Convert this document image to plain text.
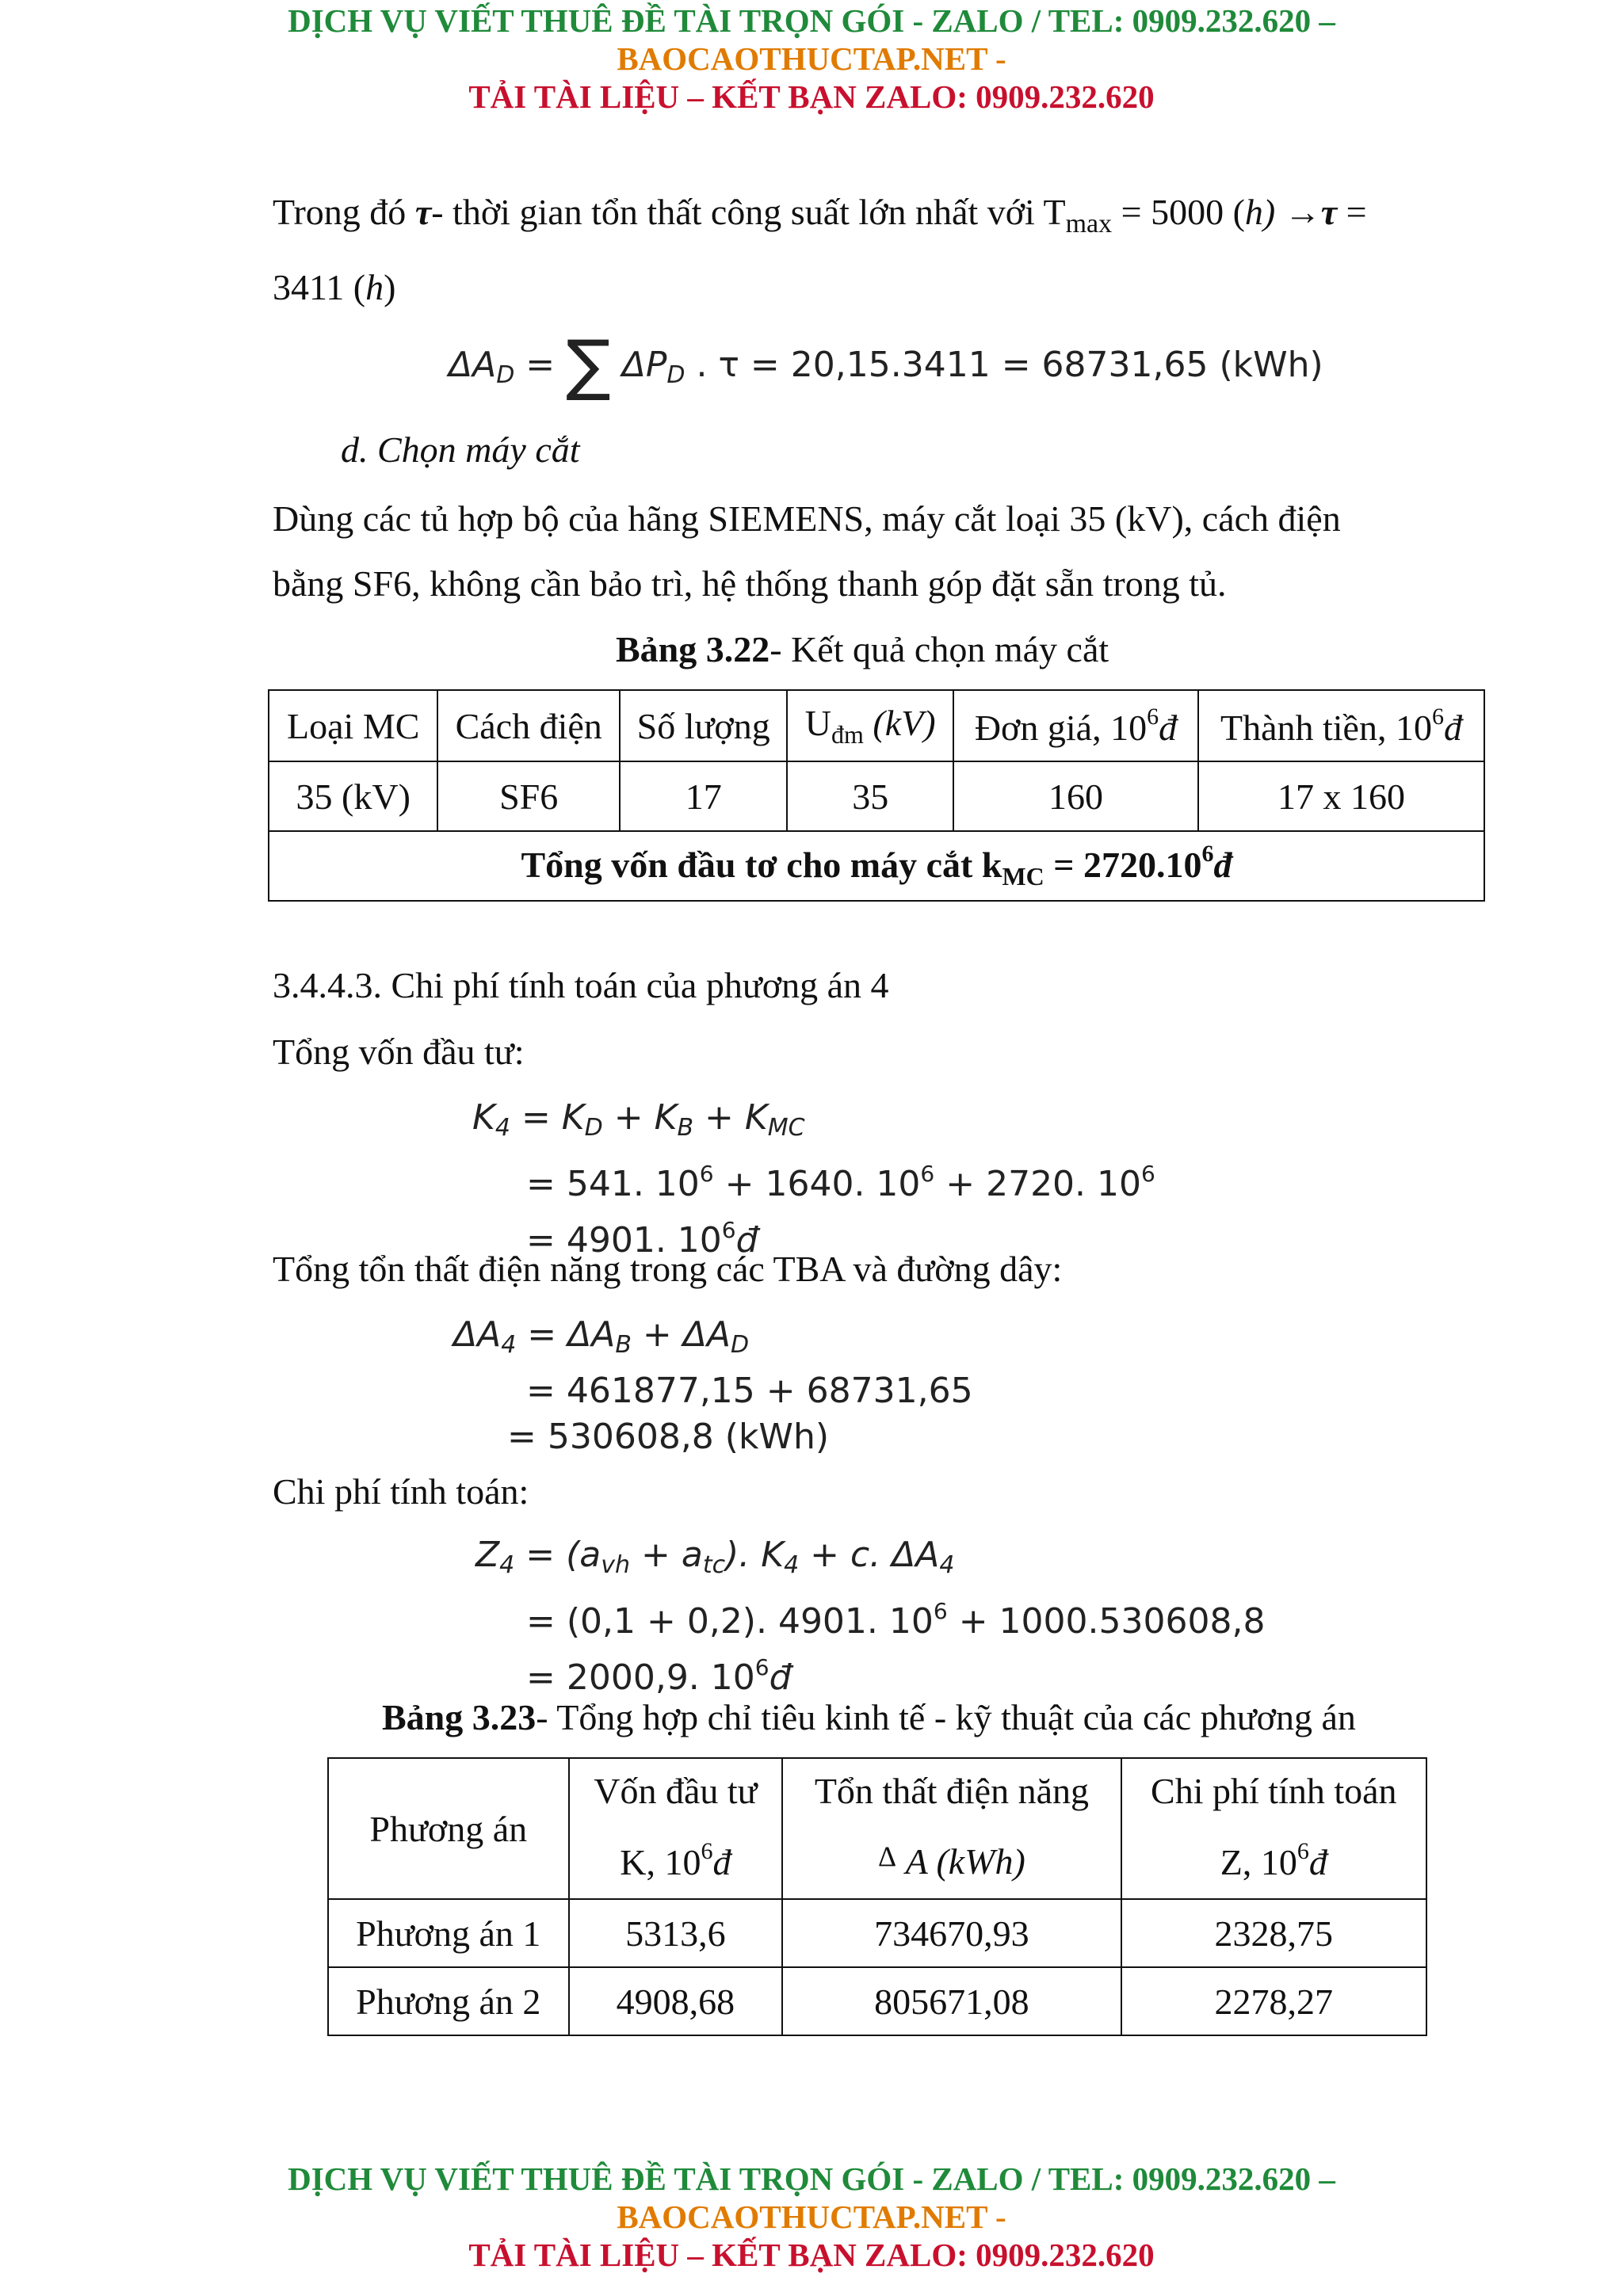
DỊCH VỤ VIẾT THUÊ ĐỀ TÀI TRỌN GÓI - ZALO / TEL: 0909.232.620 –
BAOCAOTHUCTAP.NET -
TẢI TÀI LIỆU – KẾT BẠN ZALO: 0909.232.620
Trong đó τ- thời gian tổn thất công suất lớn nhất với $T_{max} = 5000$ (h) →τ =
3411 (h)
$\Delta A_D$ = ∑ $\Delta P_D$ . τ = 20,15.3411 = 68731,65 (kWh)
d. Chọn máy cắt
Dùng các tủ hợp bộ của hãng SIEMENS, máy cắt loại 35 (kV), cách điện
bằng SF6, không cần bảo trì, hệ thống thanh góp đặt sẵn trong tủ.
Bảng 3.22- Kết quả chọn máy cắt
Loại MC	Cách điện	Số lượng	$U_{đm}$ (kV)	Đơn giá, $10^6đ$	Thành tiền, $10^6đ$
35 (kV)	SF6	17	35	160	17 x 160
Tổng vốn đầu tơ cho máy cắt $k_{MC}$ = $2720.10^6đ$					
3.4.4.3. Chi phí tính toán của phương án 4
Tổng vốn đầu tư:
$K_4 = K_D + K_B + K_{MC}$
= 541. $10^6 + 1640$. $10^6 + 2720$. $10^6$
= 4901. $10^6đ$
Tổng tổn thất điện năng trong các TBA và đường dây:
$\Delta A_4 = \Delta A_B + \Delta A_D$
= 461877,15 + 68731,65
= 530608,8 (kWh)
Chi phí tính toán:
$Z_4 = (a_{vh} + a_{tc})$. $K_4 + c$. $\Delta A_4$
= (0,1 + 0,2). 4901. $10^6 + 1000.530608,8$
= 2000,9. $10^6đ$
Bảng 3.23- Tổng hợp chỉ tiêu kinh tế - kỹ thuật của các phương án
Phương án	Vốn đầu tư	Tổn thất điện năng	Chi phí tính toán
	K, $10^6đ$	$^\Delta$ A (kWh)	Z, $10^6đ$
Phương án 1	5313,6	734670,93	2328,75
Phương án 2	4908,68	805671,08	2278,27
DỊCH VỤ VIẾT THUÊ ĐỀ TÀI TRỌN GÓI - ZALO / TEL: 0909.232.620 –
BAOCAOTHUCTAP.NET -
TẢI TÀI LIỆU – KẾT BẠN ZALO: 0909.232.620
